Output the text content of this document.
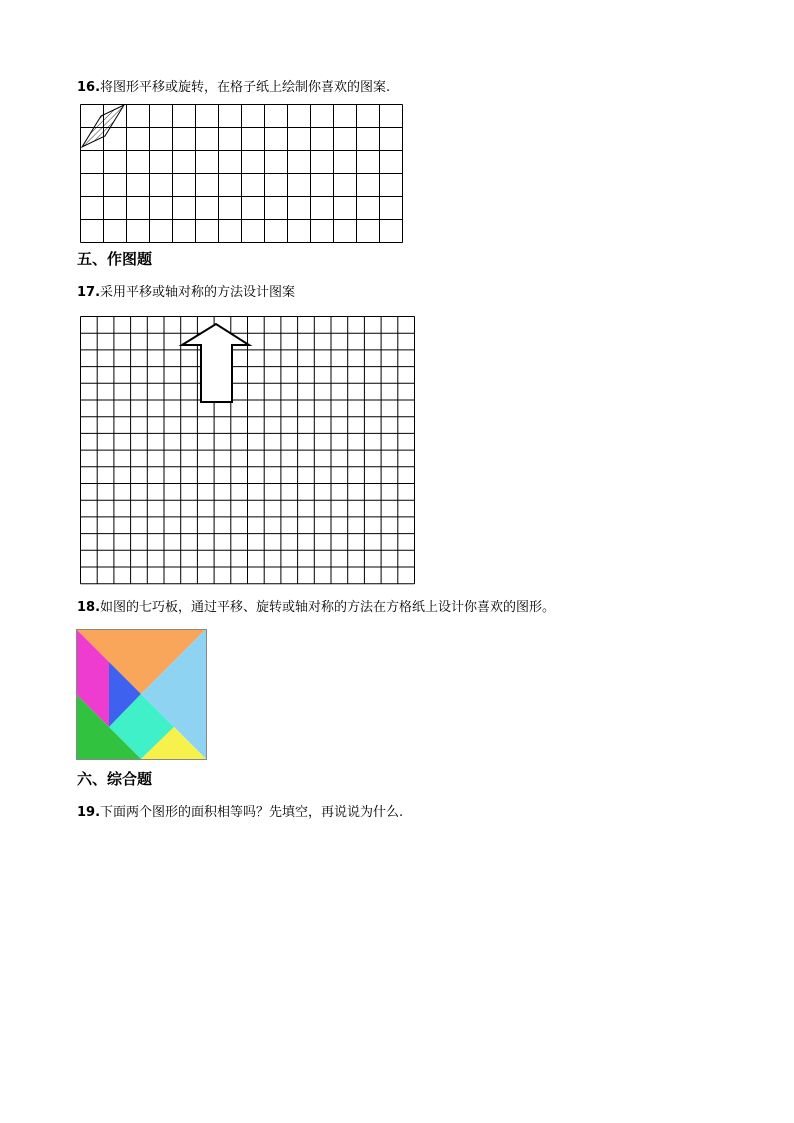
16.将图形平移或旋转，在格子纸上绘制你喜欢的图案.
五、作图题
17.采用平移或轴对称的方法设计图案
18.如图的七巧板，通过平移、旋转或轴对称的方法在方格纸上设计你喜欢的图形。
六、综合题
19.下面两个图形的面积相等吗？先填空，再说说为什么.
